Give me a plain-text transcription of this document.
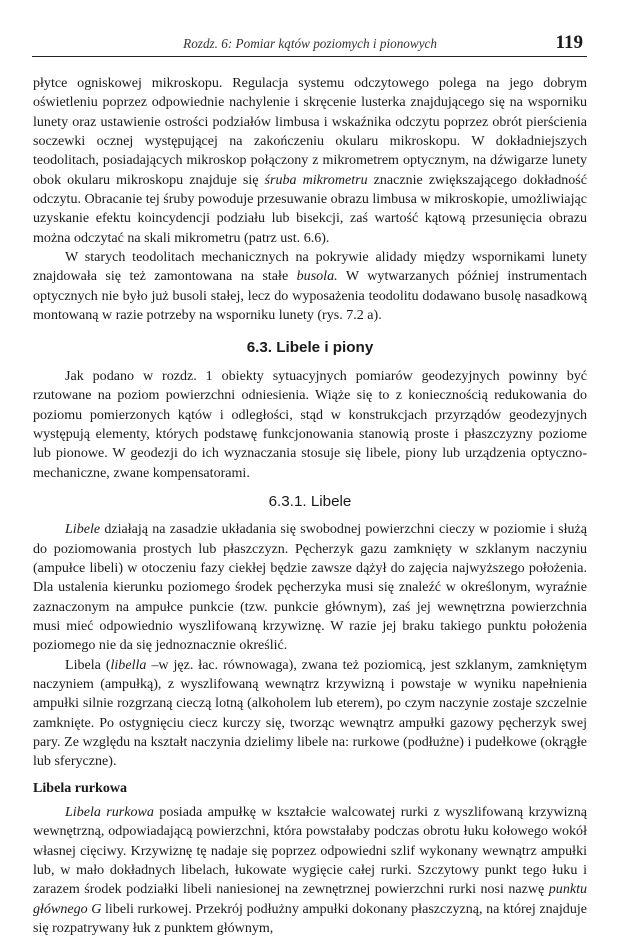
Rozdz. 6: Pomiar kątów poziomych i pionowych	119

płytce ogniskowej mikroskopu. Regulacja systemu odczytowego polega na jego dobrym oświetleniu poprzez odpowiednie nachylenie i skręcenie lusterka znajdującego się na wsporniku lunety oraz ustawienie ostrości podziałów limbusa i wskaźnika odczytu poprzez obrót pierścienia soczewki ocznej występującej na zakończeniu okularu mikroskopu. W dokładniejszych teodolitach, posiadających mikroskop połączony z mikrometrem optycznym, na dźwigarze lunety obok okularu mikroskopu znajduje się śruba mikrometru znacznie zwiększającego dokładność odczytu. Obracanie tej śruby powoduje przesuwanie obrazu limbusa w mikroskopie, umożliwiając uzyskanie efektu koincydencji podziału lub bisekcji, zaś wartość kątową przesunięcia obrazu można odczytać na skali mikrometru (patrz ust. 6.6).

W starych teodolitach mechanicznych na pokrywie alidady między wspornikami lunety znajdowała się też zamontowana na stałe busola. W wytwarzanych później instrumentach optycznych nie było już busoli stałej, lecz do wyposażenia teodolitu dodawano busolę nasadkową montowaną w razie potrzeby na wsporniku lunety (rys. 7.2 a).

6.3. Libele i piony

Jak podano w rozdz. 1 obiekty sytuacyjnych pomiarów geodezyjnych powinny być rzutowane na poziom powierzchni odniesienia. Wiąże się to z koniecznością redukowania do poziomu pomierzonych kątów i odległości, stąd w konstrukcjach przyrządów geodezyjnych występują elementy, których podstawę funkcjonowania stanowią proste i płaszczyzny poziome lub pionowe. W geodezji do ich wyznaczania stosuje się libele, piony lub urządzenia optyczno-mechaniczne, zwane kompensatorami.

6.3.1. Libele

Libele działają na zasadzie układania się swobodnej powierzchni cieczy w poziomie i służą do poziomowania prostych lub płaszczyzn. Pęcherzyk gazu zamknięty w szklanym naczyniu (ampułce libeli) w otoczeniu fazy ciekłej będzie zawsze dążył do zajęcia najwyższego położenia. Dla ustalenia kierunku poziomego środek pęcherzyka musi się znaleźć w określonym, wyraźnie zaznaczonym na ampułce punkcie (tzw. punkcie głównym), zaś jej wewnętrzna powierzchnia musi mieć odpowiednio wyszlifowaną krzywiznę. W razie jej braku takiego punktu położenia poziomego nie da się jednoznacznie określić.

Libela (libella –w jęz. łac. równowaga), zwana też poziomicą, jest szklanym, zamkniętym naczyniem (ampułką), z wyszlifowaną wewnątrz krzywizną i powstaje w wyniku napełnienia ampułki silnie rozgrzaną cieczą lotną (alkoholem lub eterem), po czym naczynie zostaje szczelnie zamknięte. Po ostygnięciu ciecz kurczy się, tworząc wewnątrz ampułki gazowy pęcherzyk swej pary. Ze względu na kształt naczynia dzielimy libele na: rurkowe (podłużne) i pudełkowe (okrągłe lub sferyczne).

Libela rurkowa

Libela rurkowa posiada ampułkę w kształcie walcowatej rurki z wyszlifowaną krzywizną wewnętrzną, odpowiadającą powierzchni, która powstałaby podczas obrotu łuku kołowego wokół własnej cięciwy. Krzywiznę tę nadaje się poprzez odpowiedni szlif wykonany wewnątrz ampułki lub, w mało dokładnych libelach, łukowate wygięcie całej rurki. Szczytowy punkt tego łuku i zarazem środek podziałki libeli naniesionej na zewnętrznej powierzchni rurki nosi nazwę punktu głównego G libeli rurkowej. Przekrój podłużny ampułki dokonany płaszczyzną, na której znajduje się rozpatrywany łuk z punktem głównym,
